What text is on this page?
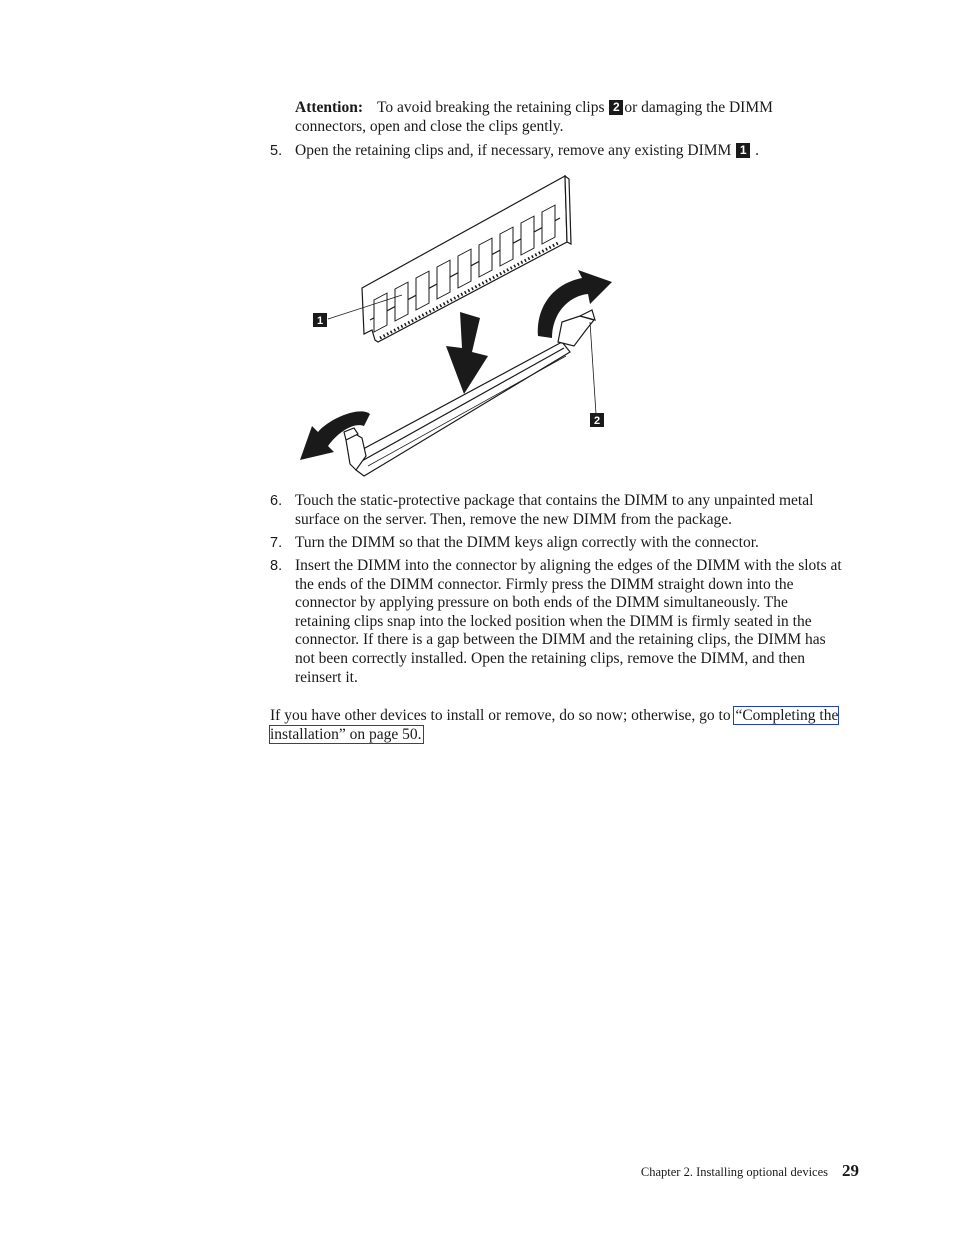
Attention: To avoid breaking the retaining clips 2 or damaging the DIMM connectors, open and close the clips gently.
5. Open the retaining clips and, if necessary, remove any existing DIMM 1 .
1
2
6. Touch the static-protective package that contains the DIMM to any unpainted metal surface on the server. Then, remove the new DIMM from the package.
7. Turn the DIMM so that the DIMM keys align correctly with the connector.
8. Insert the DIMM into the connector by aligning the edges of the DIMM with the slots at the ends of the DIMM connector. Firmly press the DIMM straight down into the connector by applying pressure on both ends of the DIMM simultaneously. The retaining clips snap into the locked position when the DIMM is firmly seated in the connector. If there is a gap between the DIMM and the retaining clips, the DIMM has not been correctly installed. Open the retaining clips, remove the DIMM, and then reinsert it.
If you have other devices to install or remove, do so now; otherwise, go to “Completing the installation” on page 50.
Chapter 2. Installing optional devices 29
